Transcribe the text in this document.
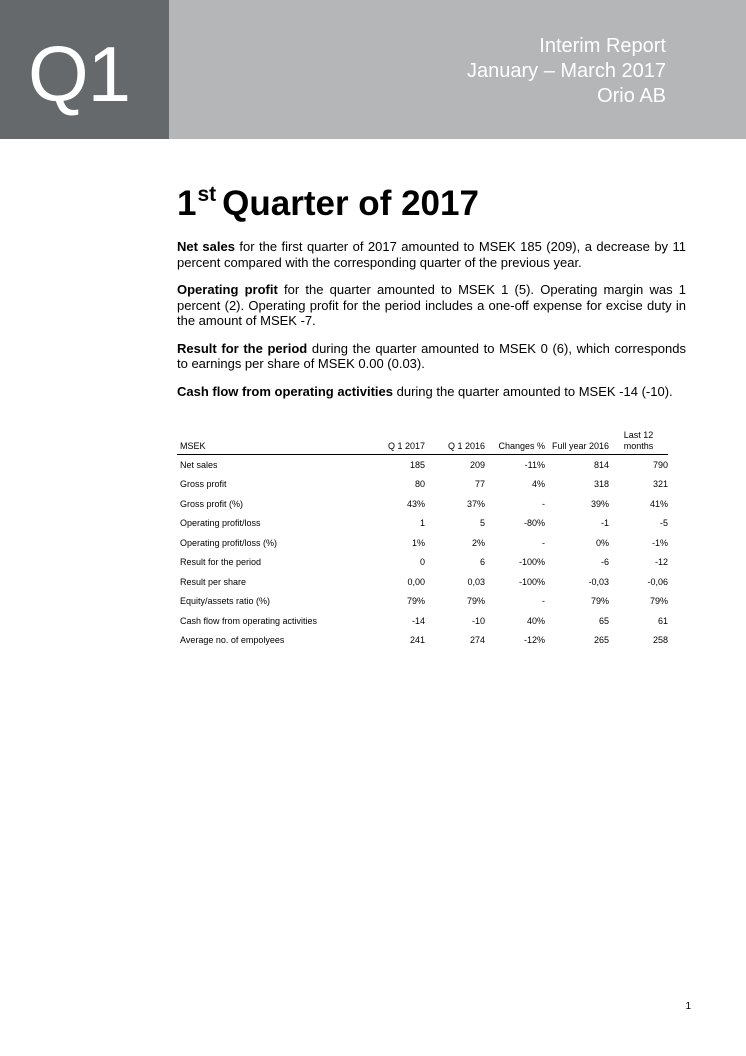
Q1	Interim Report
January – March 2017
Orio AB
1st Quarter of 2017

Net sales for the first quarter of 2017 amounted to MSEK 185 (209), a decrease by 11 percent compared with the corresponding quarter of the previous year.

Operating profit for the quarter amounted to MSEK 1 (5). Operating margin was 1 percent (2). Operating profit for the period includes a one-off expense for excise duty in the amount of MSEK -7.

Result for the period during the quarter amounted to MSEK 0 (6), which corresponds to earnings per share of MSEK 0.00 (0.03).

Cash flow from operating activities during the quarter amounted to MSEK -14 (-10).

MSEK	Q 1 2017	Q 1 2016	Changes %	Full year 2016	Last 12
months
Net sales	185	209	-11%	814	790
Gross profit	80	77	4%	318	321
Gross profit (%)	43%	37%	-	39%	41%
Operating profit/loss	1	5	-80%	-1	-5
Operating profit/loss (%)	1%	2%	-	0%	-1%
Result for the period	0	6	-100%	-6	-12
Result per share	0,00	0,03	-100%	-0,03	-0,06
Equity/assets ratio (%)	79%	79%	-	79%	79%
Cash flow from operating activities	-14	-10	40%	65	61
Average no. of empolyees	241	274	-12%	265	258
1
